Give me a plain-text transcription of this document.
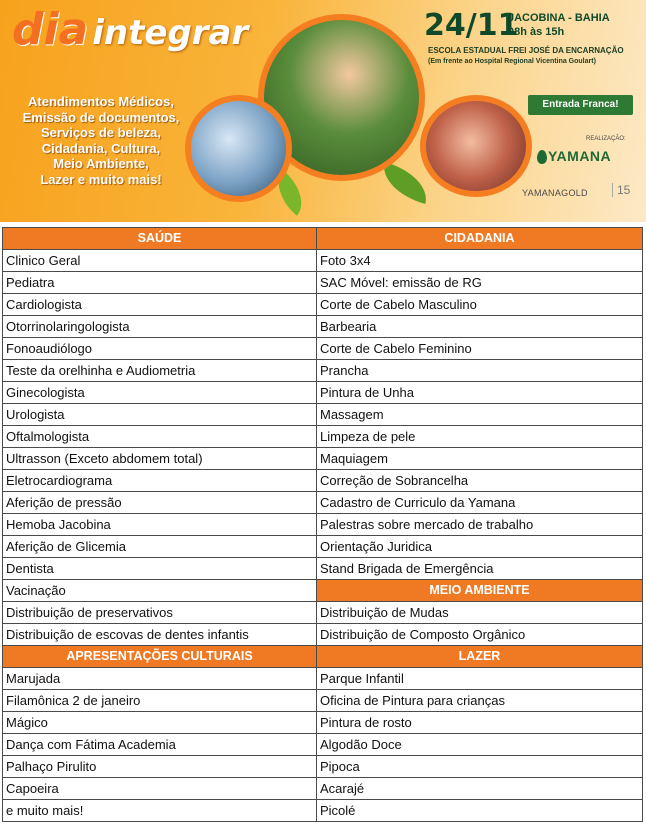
dia integrar
Atendimentos Médicos,
Emissão de documentos,
Serviços de beleza,
Cidadania, Cultura,
Meio Ambiente,
Lazer e muito mais!
24/11
JACOBINA - BAHIA
08h às 15h
ESCOLA ESTADUAL FREI JOSÉ DA ENCARNAÇÃO
(Em frente ao Hospital Regional Vicentina Goulart)
Entrada Franca!
REALIZAÇÃO:
YAMANA
YAMANAGOLD	15
SAÚDE	CIDADANIA
Clinico Geral	Foto 3x4
Pediatra	SAC Móvel: emissão de RG
Cardiologista	Corte de Cabelo Masculino
Otorrinolaringologista	Barbearia
Fonoaudiólogo	Corte de Cabelo Feminino
Teste da orelhinha e Audiometria	Prancha
Ginecologista	Pintura de Unha
Urologista	Massagem
Oftalmologista	Limpeza de pele
Ultrasson (Exceto abdomem total)	Maquiagem
Eletrocardiograma	Correção de Sobrancelha
Aferição de pressão	Cadastro de Curriculo da Yamana
Hemoba Jacobina	Palestras sobre mercado de trabalho
Aferição de Glicemia	Orientação Juridica
Dentista	Stand Brigada de Emergência
Vacinação	MEIO AMBIENTE
Distribuição de preservativos	Distribuição de Mudas
Distribuição de escovas de dentes infantis	Distribuição de Composto Orgânico
APRESENTAÇÕES CULTURAIS	LAZER
Marujada	Parque Infantil
Filamônica 2 de janeiro	Oficina de Pintura para crianças
Mágico	Pintura de rosto
Dança com Fátima Academia	Algodão Doce
Palhaço Pirulito	Pipoca
Capoeira	Acarajé
e muito mais!	Picolé
